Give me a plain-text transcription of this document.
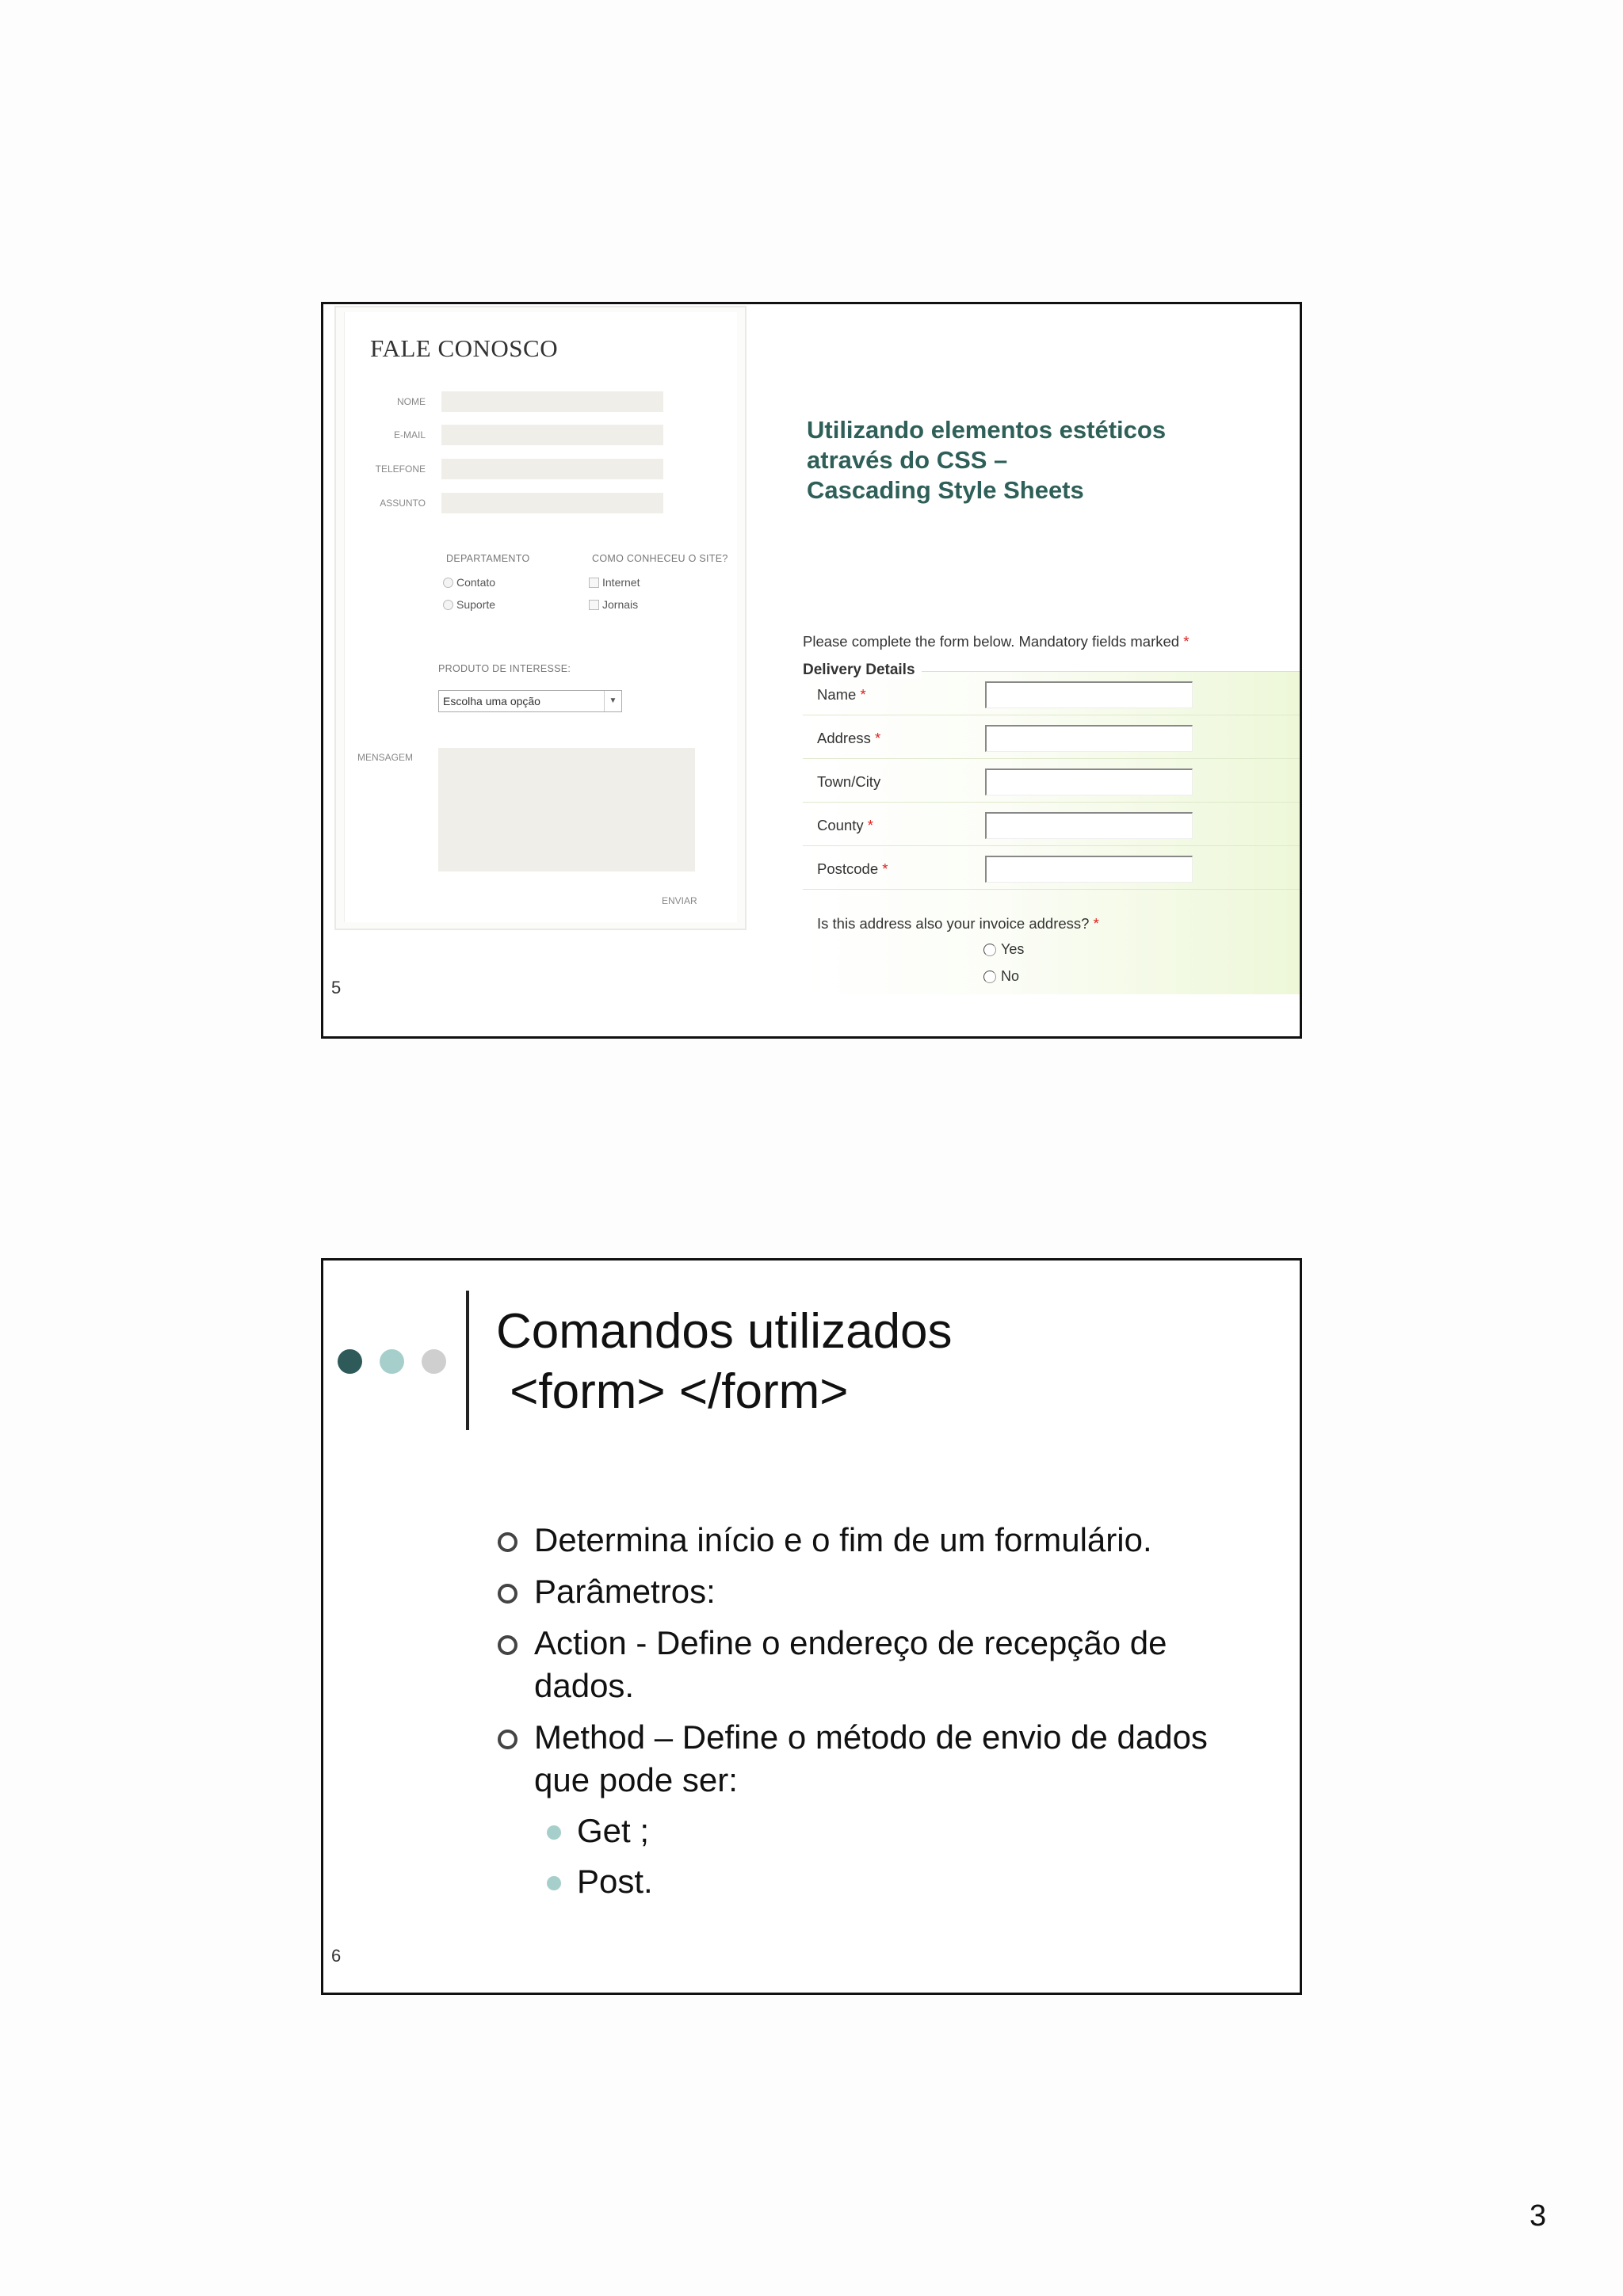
FALE CONOSCO
NOME
E-MAIL
TELEFONE
ASSUNTO
DEPARTAMENTO	COMO CONHECEU O SITE?
Contato
Suporte
Internet
Jornais
PRODUTO DE INTERESSE:
Escolha uma opção	▼
MENSAGEM
ENVIAR
Utilizando elementos estéticos
através do CSS –
Cascading Style Sheets
Please complete the form below. Mandatory fields marked *
Delivery Details
Name *
Address *
Town/City
County *
Postcode *
Is this address also your invoice address? *
Yes
No
5
Comandos utilizados
<form> </form>
Determina início e o fim de um formulário.
Parâmetros:
Action - Define o endereço de recepção de dados.
Method – Define o método de envio de dados que pode ser:
Get ;
Post.
6
3
